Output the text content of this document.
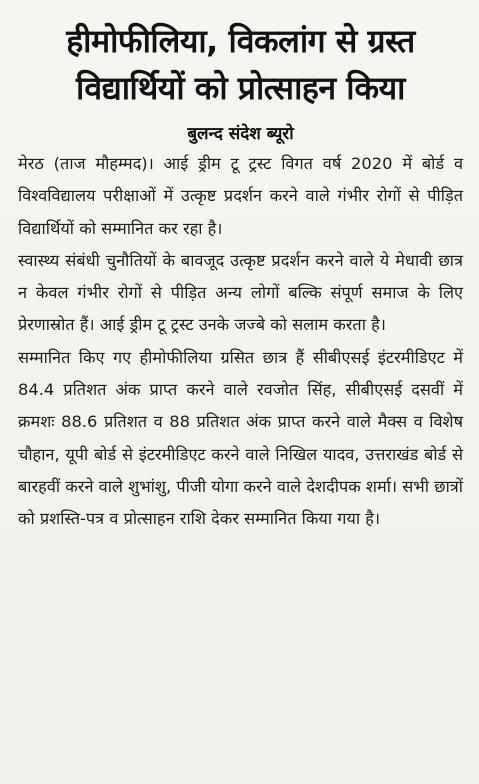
हीमोफीलिया, विकलांग से ग्रस्त
विद्यार्थियों को प्रोत्साहन किया
बुलन्द संदेश ब्यूरो

मेरठ (ताज मौहम्मद)। आई ड्रीम टू ट्रस्ट विगत वर्ष 2020 में बोर्ड व विश्वविद्यालय परीक्षाओं में उत्कृष्ट प्रदर्शन करने वाले गंभीर रोगों से पीड़ित विद्यार्थियों को सम्मानित कर रहा है।

स्वास्थ्य संबंधी चुनौतियों के बावजूद उत्कृष्ट प्रदर्शन करने वाले ये मेधावी छात्र न केवल गंभीर रोगों से पीड़ित अन्य लोगों बल्कि संपूर्ण समाज के लिए प्रेरणास्रोत हैं। आई ड्रीम टू ट्रस्ट उनके जज्बे को सलाम करता है।

सम्मानित किए गए हीमोफीलिया ग्रसित छात्र हैं सीबीएसई इंटरमीडिएट में 84.4 प्रतिशत अंक प्राप्त करने वाले रवजोत सिंह, सीबीएसई दसवीं में क्रमशः 88.6 प्रतिशत व 88 प्रतिशत अंक प्राप्त करने वाले मैक्स व विशेष चौहान, यूपी बोर्ड से इंटरमीडिएट करने वाले निखिल यादव, उत्तराखंड बोर्ड से बारहवीं करने वाले शुभांशु, पीजी योगा करने वाले देशदीपक शर्मा। सभी छात्रों को प्रशस्ति-पत्र व प्रोत्साहन राशि देकर सम्मानित किया गया है।
